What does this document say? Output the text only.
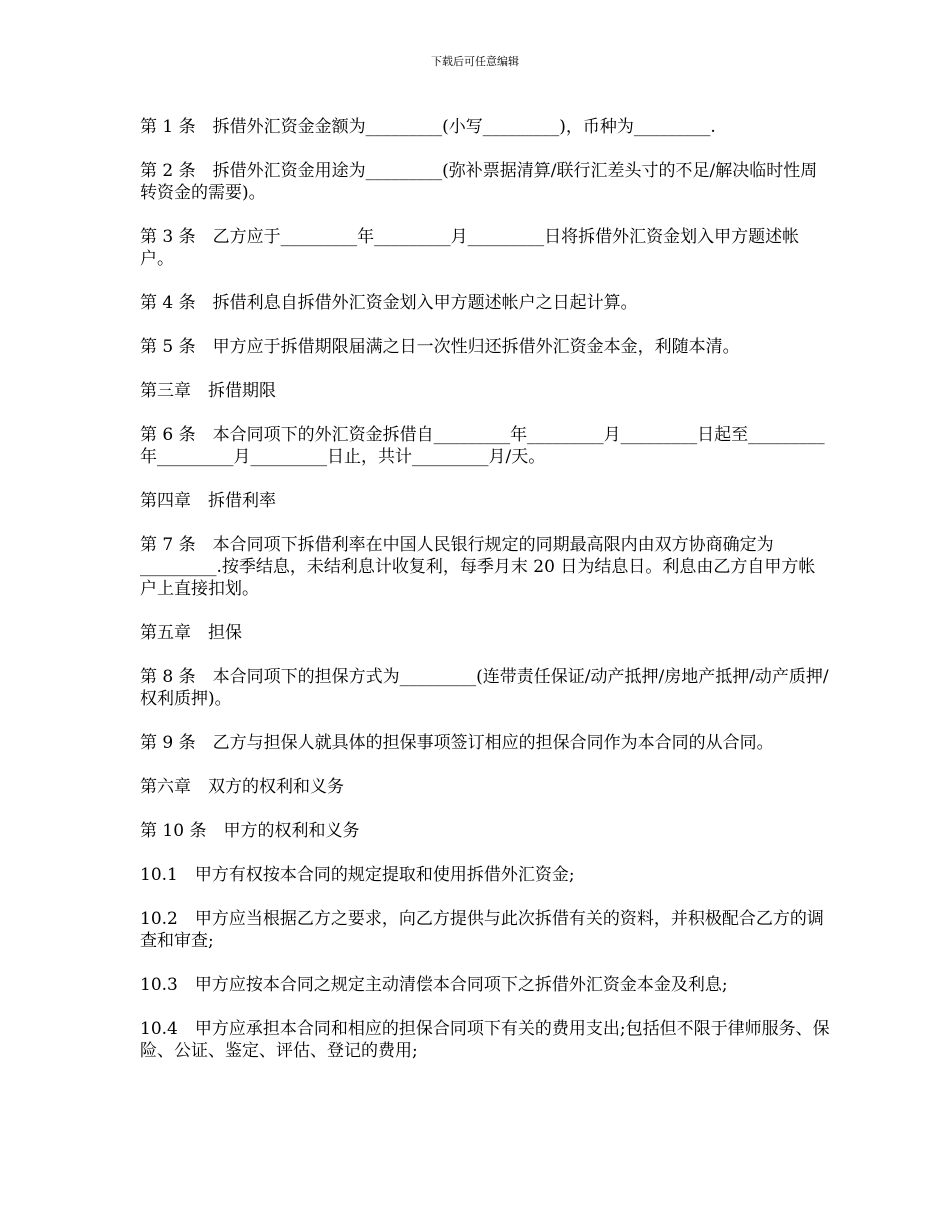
下载后可任意编辑

第 1 条　拆借外汇资金金额为_________(小写_________)，币种为_________.

第 2 条　拆借外汇资金用途为_________(弥补票据清算/联行汇差头寸的不足/解决临时性周转资金的需要)。

第 3 条　乙方应于_________年_________月_________日将拆借外汇资金划入甲方题述帐户。

第 4 条　拆借利息自拆借外汇资金划入甲方题述帐户之日起计算。

第 5 条　甲方应于拆借期限届满之日一次性归还拆借外汇资金本金，利随本清。

第三章　拆借期限

第 6 条　本合同项下的外汇资金拆借自_________年_________月_________日起至_________年_________月_________日止，共计_________月/天。

第四章　拆借利率

第 7 条　本合同项下拆借利率在中国人民银行规定的同期最高限内由双方协商确定为_________.按季结息，未结利息计收复利，每季月末 20 日为结息日。利息由乙方自甲方帐户上直接扣划。

第五章　担保

第 8 条　本合同项下的担保方式为_________(连带责任保证/动产抵押/房地产抵押/动产质押/权利质押)。

第 9 条　乙方与担保人就具体的担保事项签订相应的担保合同作为本合同的从合同。

第六章　双方的权利和义务

第 10 条　甲方的权利和义务

10.1　甲方有权按本合同的规定提取和使用拆借外汇资金;

10.2　甲方应当根据乙方之要求，向乙方提供与此次拆借有关的资料，并积极配合乙方的调查和审查;

10.3　甲方应按本合同之规定主动清偿本合同项下之拆借外汇资金本金及利息;

10.4　甲方应承担本合同和相应的担保合同项下有关的费用支出;包括但不限于律师服务、保险、公证、鉴定、评估、登记的费用;
